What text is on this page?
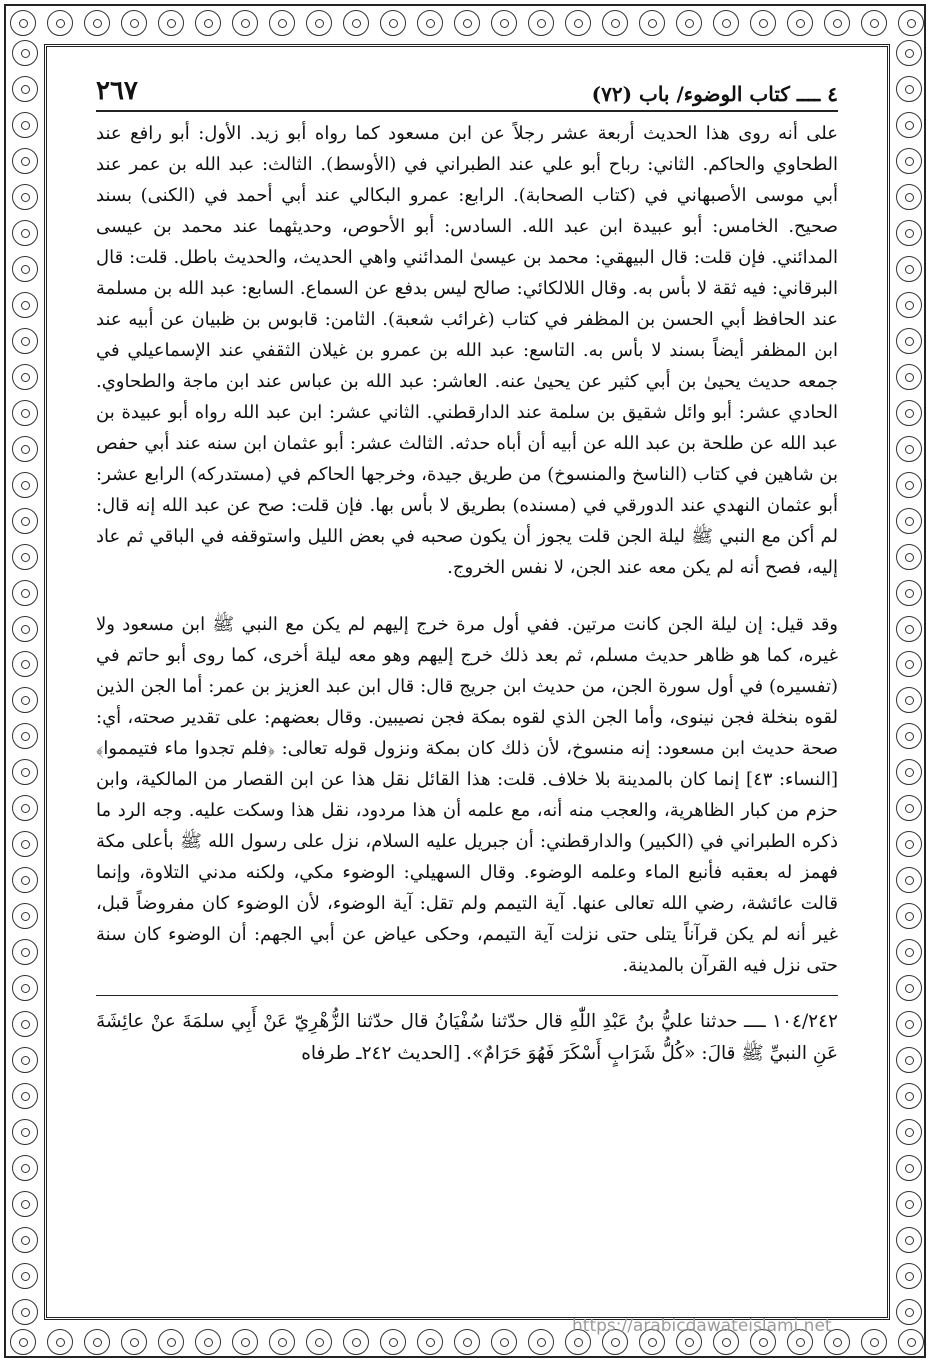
٤ ــــ كتاب الوضوء/ باب (٧٢)
٢٦٧

على أنه روى هذا الحديث أربعة عشر رجلاً عن ابن مسعود كما رواه أبو زيد. الأول: أبو رافع عند الطحاوي والحاكم. الثاني: رباح أبو علي عند الطبراني في (الأوسط). الثالث: عبد الله بن عمر عند أبي موسى الأصبهاني في (كتاب الصحابة). الرابع: عمرو البكالي عند أبي أحمد في (الكنى) بسند صحيح. الخامس: أبو عبيدة ابن عبد الله. السادس: أبو الأحوص، وحديثهما عند محمد بن عيسى المدائني. فإن قلت: قال البيهقي: محمد بن عيسىٰ المدائني واهي الحديث، والحديث باطل. قلت: قال البرقاني: فيه ثقة لا بأس به. وقال اللالكائي: صالح ليس بدفع عن السماع. السابع: عبد الله بن مسلمة عند الحافظ أبي الحسن بن المظفر في كتاب (غرائب شعبة). الثامن: قابوس بن ظبيان عن أبيه عند ابن المظفر أيضاً بسند لا بأس به. التاسع: عبد الله بن عمرو بن غيلان الثقفي عند الإسماعيلي في جمعه حديث يحيىٰ بن أبي كثير عن يحيىٰ عنه. العاشر: عبد الله بن عباس عند ابن ماجة والطحاوي. الحادي عشر: أبو وائل شقيق بن سلمة عند الدارقطني. الثاني عشر: ابن عبد الله رواه أبو عبيدة بن عبد الله عن طلحة بن عبد الله عن أبيه أن أباه حدثه. الثالث عشر: أبو عثمان ابن سنه عند أبي حفص بن شاهين في كتاب (الناسخ والمنسوخ) من طريق جيدة، وخرجها الحاكم في (مستدركه) الرابع عشر: أبو عثمان النهدي عند الدورقي في (مسنده) بطريق لا بأس بها. فإن قلت: صح عن عبد الله إنه قال: لم أكن مع النبي ﷺ ليلة الجن قلت يجوز أن يكون صحبه في بعض الليل واستوقفه في الباقي ثم عاد إليه، فصح أنه لم يكن معه عند الجن، لا نفس الخروج.

وقد قيل: إن ليلة الجن كانت مرتين. ففي أول مرة خرج إليهم لم يكن مع النبي ﷺ ابن مسعود ولا غيره، كما هو ظاهر حديث مسلم، ثم بعد ذلك خرج إليهم وهو معه ليلة أخرى، كما روى أبو حاتم في (تفسيره) في أول سورة الجن، من حديث ابن جريج قال: قال ابن عبد العزيز بن عمر: أما الجن الذين لقوه بنخلة فجن نينوى، وأما الجن الذي لقوه بمكة فجن نصيبين. وقال بعضهم: على تقدير صحته، أي: صحة حديث ابن مسعود: إنه منسوخ، لأن ذلك كان بمكة ونزول قوله تعالى: ﴿فلم تجدوا ماء فتيمموا﴾ [النساء: ٤٣] إنما كان بالمدينة بلا خلاف. قلت: هذا القائل نقل هذا عن ابن القصار من المالكية، وابن حزم من كبار الظاهرية، والعجب منه أنه، مع علمه أن هذا مردود، نقل هذا وسكت عليه. وجه الرد ما ذكره الطبراني في (الكبير) والدارقطني: أن جبريل عليه السلام، نزل على رسول الله ﷺ بأعلى مكة فهمز له بعقبه فأنبع الماء وعلمه الوضوء. وقال السهيلي: الوضوء مكي، ولكنه مدني التلاوة، وإنما قالت عائشة، رضي الله تعالى عنها. آية التيمم ولم تقل: آية الوضوء، لأن الوضوء كان مفروضاً قبل، غير أنه لم يكن قرآناً يتلى حتى نزلت آية التيمم، وحكى عياض عن أبي الجهم: أن الوضوء كان سنة حتى نزل فيه القرآن بالمدينة.

١٠٤/٢٤٢ ــــ حدثنا عليُّ بنُ عَبْدِ اللّٰهِ قال حدّثنا سُفْيَانُ قال حدّثنا الزُّهْرِيّ عَنْ أَبِي سلمَةَ عنْ عائِشَةَ عَنِ النبيِّ ﷺ قالَ: «كُلُّ شَرَابٍ أَسْكَرَ فَهُوَ حَرَامٌ». [الحديث ٢٤٢ـ طرفاه

https://arabicdawateislami.net
